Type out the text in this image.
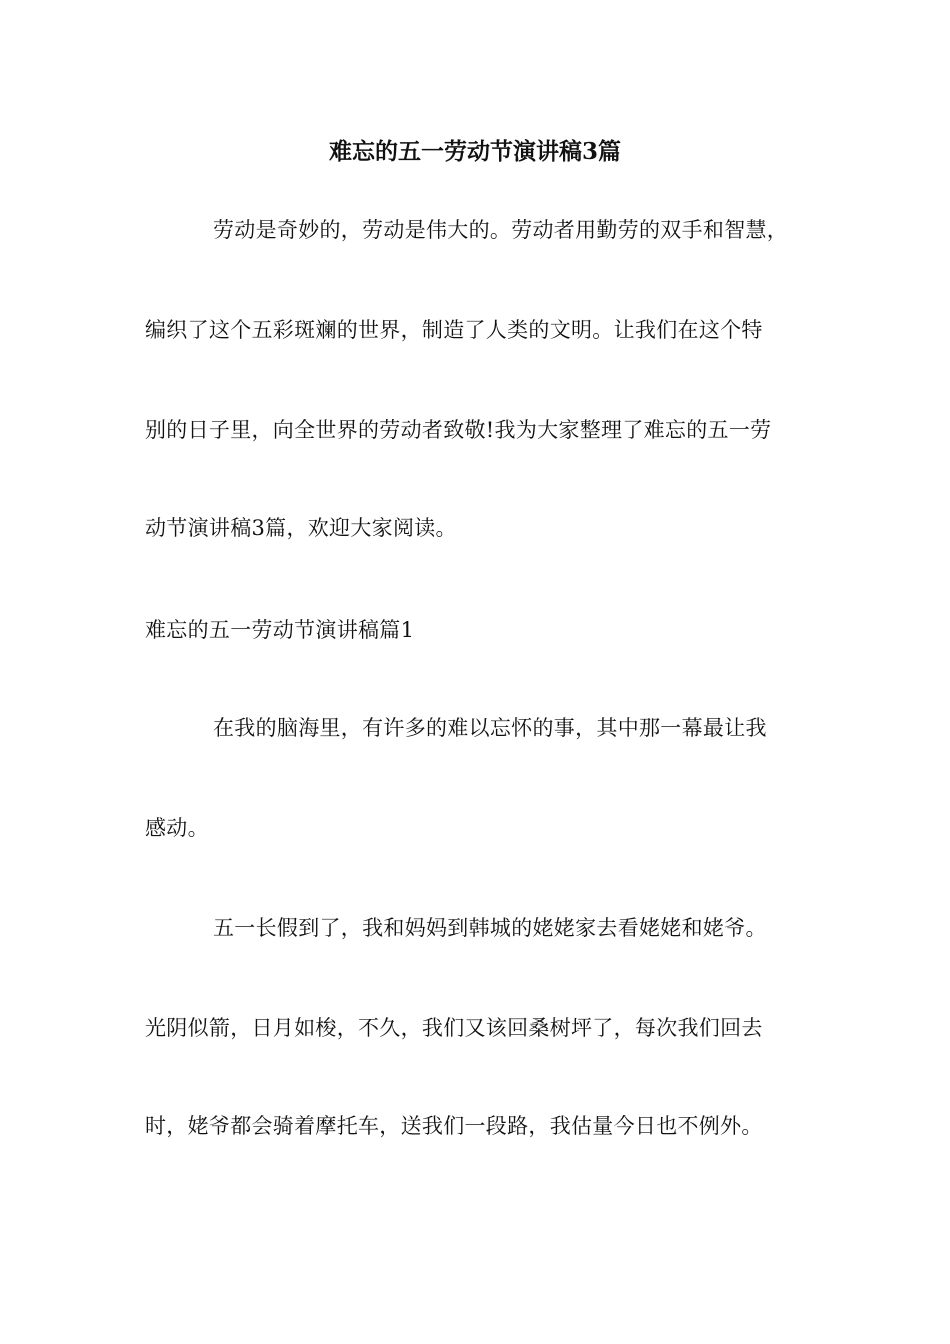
难忘的五一劳动节演讲稿3篇
劳动是奇妙的，劳动是伟大的。劳动者用勤劳的双手和智慧，
编织了这个五彩斑斓的世界，制造了人类的文明。让我们在这个特
别的日子里，向全世界的劳动者致敬!我为大家整理了难忘的五一劳
动节演讲稿3篇，欢迎大家阅读。
难忘的五一劳动节演讲稿篇1
在我的脑海里，有许多的难以忘怀的事，其中那一幕最让我
感动。
五一长假到了，我和妈妈到韩城的姥姥家去看姥姥和姥爷。
光阴似箭，日月如梭，不久，我们又该回桑树坪了，每次我们回去
时，姥爷都会骑着摩托车，送我们一段路，我估量今日也不例外。
